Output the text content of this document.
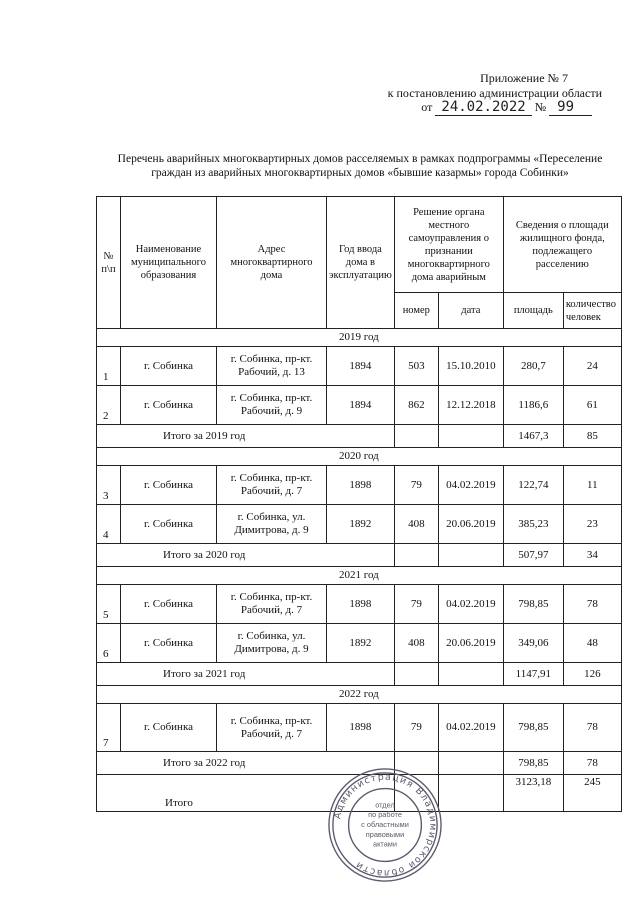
Приложение № 7
к постановлению администрации области
от 24.02.2022 № 99
Перечень аварийных многоквартирных домов расселяемых в рамках подпрограммы «Переселение
граждан из аварийных многоквартирных домов «бывшие казармы» города Собинки»
№ п\п	Наименование муниципального образования	Адрес многоквартирного дома	Год ввода дома в эксплуатацию	Решение органа местного самоуправления о признании многоквартирного дома аварийным		Сведения о площади жилищного фонда, подлежащего расселению	
				номер	дата	площадь	количество человек
2019 год							
1	г. Собинка	г. Собинка, пр-кт. Рабочий, д. 13	1894	503	15.10.2010	280,7	24
2	г. Собинка	г. Собинка, пр-кт. Рабочий, д. 9	1894	862	12.12.2018	1186,6	61
Итого за 2019 год						1467,3	85
2020 год							
3	г. Собинка	г. Собинка, пр-кт. Рабочий, д. 7	1898	79	04.02.2019	122,74	11
4	г. Собинка	г. Собинка, ул. Димитрова, д. 9	1892	408	20.06.2019	385,23	23
Итого за 2020 год						507,97	34
2021 год							
5	г. Собинка	г. Собинка, пр-кт. Рабочий, д. 7	1898	79	04.02.2019	798,85	78
6	г. Собинка	г. Собинка, ул. Димитрова, д. 9	1892	408	20.06.2019	349,06	48
Итого за 2021 год						1147,91	126
2022 год							
7	г. Собинка	г. Собинка, пр-кт. Рабочий, д. 7	1898	79	04.02.2019	798,85	78
Итого за 2022 год						798,85	78
Итого						3123,18	245
Администрация Владимирской области
отдел
по работе
с областными
правовыми
актами
